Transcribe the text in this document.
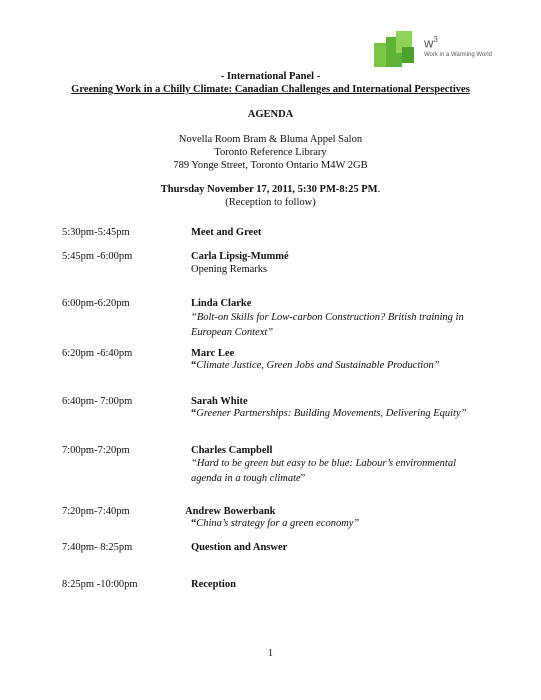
$w^3$
Work in a Warming World
- International Panel -
Greening Work in a Chilly Climate: Canadian Challenges and International Perspectives
AGENDA
Novella Room Bram & Bluma Appel Salon
Toronto Reference Library
789 Yonge Street, Toronto Ontario M4W 2GB
Thursday November 17, 2011, 5:30 PM-8:25 PM.
(Reception to follow)
5:30pm-5:45pm	Meet and Greet
5:45pm -6:00pm	Carla Lipsig-Mummé
Opening Remarks
6:00pm-6:20pm	Linda Clarke
“Bolt-on Skills for Low-carbon Construction? British training in European Context”
6:20pm -6:40pm	Marc Lee
“Climate Justice, Green Jobs and Sustainable Production”
6:40pm- 7:00pm	Sarah White
“Greener Partnerships: Building Movements, Delivering Equity”
7:00pm-7:20pm	Charles Campbell
“Hard to be green but easy to be blue: Labour’s environmental agenda in a tough climate”
7:20pm-7:40pm	Andrew Bowerbank
“China’s strategy for a green economy”
7:40pm- 8:25pm	Question and Answer
8:25pm -10:00pm	Reception
1
